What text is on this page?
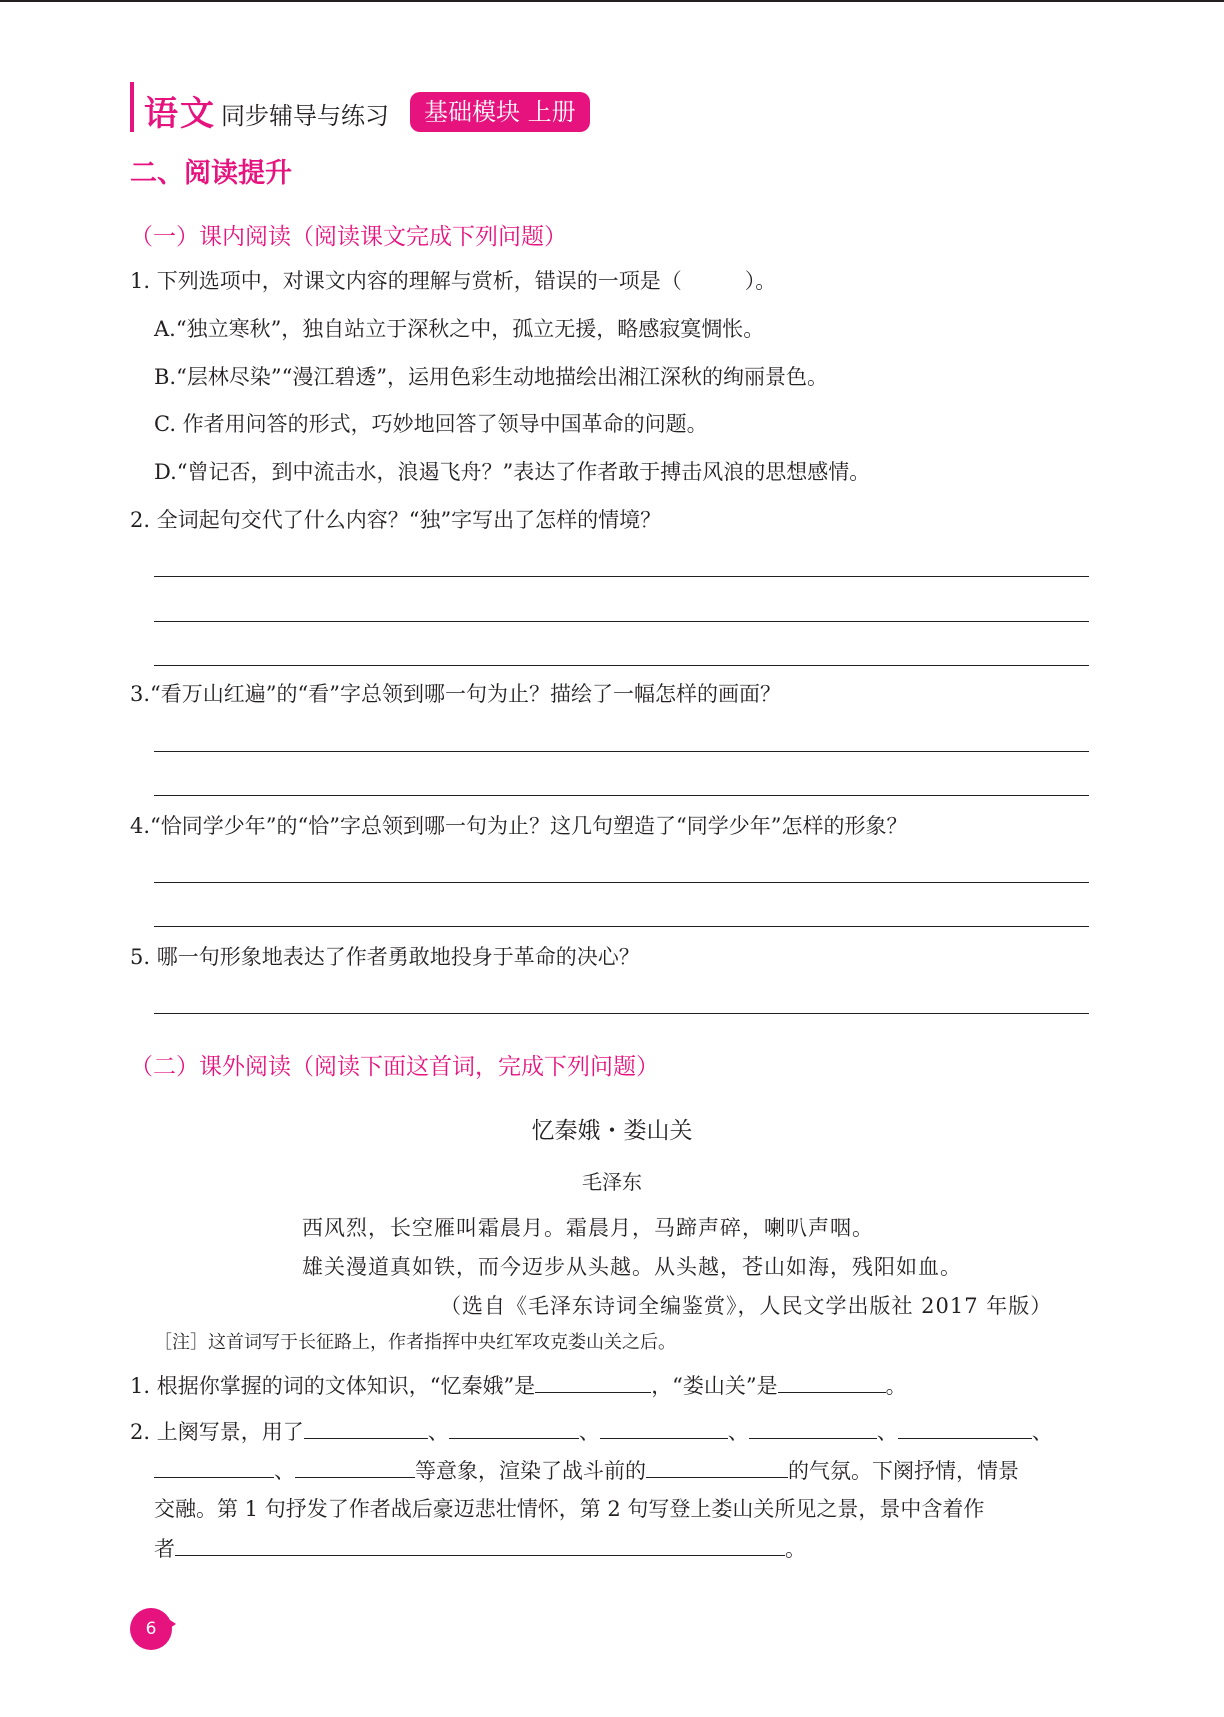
语文 同步辅导与练习	基础模块 上册
二、阅读提升
（一）课内阅读（阅读课文完成下列问题）
1. 下列选项中，对课文内容的理解与赏析，错误的一项是（　　　）。
A.“独立寒秋”，独自站立于深秋之中，孤立无援，略感寂寞惆怅。
B.“层林尽染”“漫江碧透”，运用色彩生动地描绘出湘江深秋的绚丽景色。
C. 作者用问答的形式，巧妙地回答了领导中国革命的问题。
D.“曾记否，到中流击水，浪遏飞舟？”表达了作者敢于搏击风浪的思想感情。
2. 全词起句交代了什么内容？“独”字写出了怎样的情境？
3.“看万山红遍”的“看”字总领到哪一句为止？描绘了一幅怎样的画面？
4.“恰同学少年”的“恰”字总领到哪一句为止？这几句塑造了“同学少年”怎样的形象？
5. 哪一句形象地表达了作者勇敢地投身于革命的决心？
（二）课外阅读（阅读下面这首词，完成下列问题）
忆秦娥・娄山关
毛泽东
西风烈，长空雁叫霜晨月。霜晨月，马蹄声碎，喇叭声咽。
雄关漫道真如铁，而今迈步从头越。从头越，苍山如海，残阳如血。
（选自《毛泽东诗词全编鉴赏》，人民文学出版社 2017 年版）
［注］这首词写于长征路上，作者指挥中央红军攻克娄山关之后。
1. 根据你掌握的词的文体知识，“忆秦娥”是	，“娄山关”是	。
2. 上阕写景，用了	、	、	、	、	、
、	等意象，渲染了战斗前的	的气氛。下阕抒情，情景
交融。第 1 句抒发了作者战后豪迈悲壮情怀，第 2 句写登上娄山关所见之景，景中含着作
者	。
6
